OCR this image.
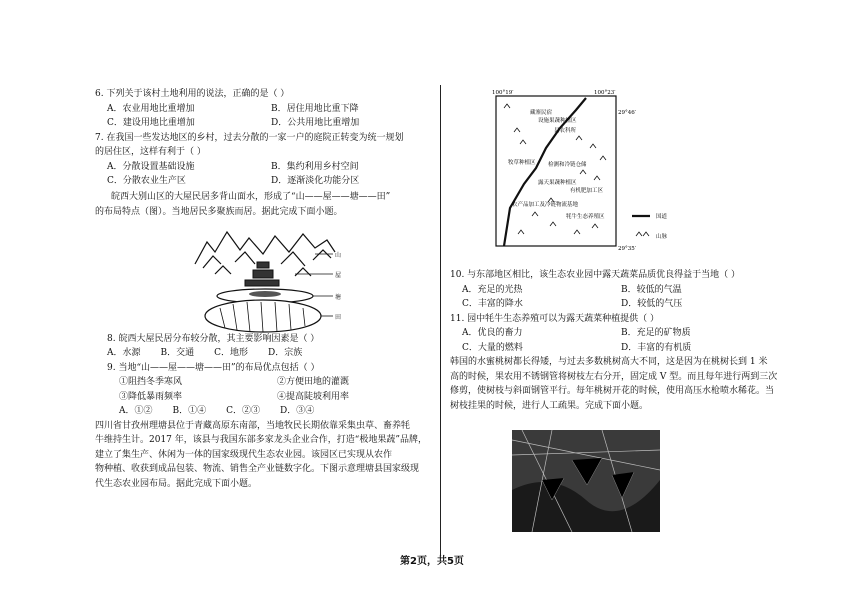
6. 下列关于该村土地利用的说法，正确的是（ ）
A．农业用地比重增加	B．居住用地比重下降
C．建设用地比重增加	D．公共用地比重增加
7. 在我国一些发达地区的乡村，过去分散的一家一户的庭院正转变为统一规划
的居住区，这样有利于（ ）
A．分散设置基础设施	B．集约利用乡村空间
C．分散农业生产区	D．逐渐淡化功能分区
皖西大别山区的大屋民居多背山面水，形成了“山——屋——塘——田”
的布局特点（图）。当地居民多聚族而居。据此完成下面小题。
8. 皖西大屋民居分布较分散，其主要影响因素是（ ）
A．水源 B．交通 C．地形 D．宗族
9. 当地“山——屋——塘——田”的布局优点包括（ ）
①阻挡冬季寒风	②方便田地的灌溉
③降低暴雨频率	④提高陡坡利用率
A．①② B．①④ C．②③ D．③④
四川省甘孜州理塘县位于青藏高原东南部，当地牧民长期依靠采集虫草、畜养牦
牛维持生计。2017 年，该县与我国东部多家龙头企业合作，打造“极地果蔬”品牌，
建立了集生产、休闲为一体的国家级现代生态农业园。该园区已实现从农作
物种植、收获到成品包装、物流、销售全产业链数字化。下图示意理塘县国家级现
代生态农业园布局。据此完成下面小题。
山
屋
塘
田
100°19′	100°23′
29°46′
29°35′
藏寨民宿
设施果蔬种植区
县农科所
牧草种植区 检测和冷链仓储
露天果蔬种植区
有机肥加工区
农产品加工及冷链物流基地
牦牛生态养殖区	国道
山脉
10. 与东部地区相比，该生态农业园中露天蔬菜品质优良得益于当地（ ）
A．充足的光热	B．较低的气温
C．丰富的降水	D．较低的气压
11. 园中牦牛生态养殖可以为露天蔬菜种植提供（ ）
A．优良的畜力	B．充足的矿物质
C．大量的燃料	D．丰富的有机质
韩国的水蜜桃树都长得矮，与过去多数桃树高大不同，这是因为在桃树长到 1 米
高的时候，果农用不锈钢管将树枝左右分开，固定成 V 型。而且每年进行两到三次
修剪，使树枝与斜面钢管平行。每年桃树开花的时候，使用高压水枪喷水稀花。当
树枝挂果的时候，进行人工疏果。完成下面小题。
第2页，共5页
